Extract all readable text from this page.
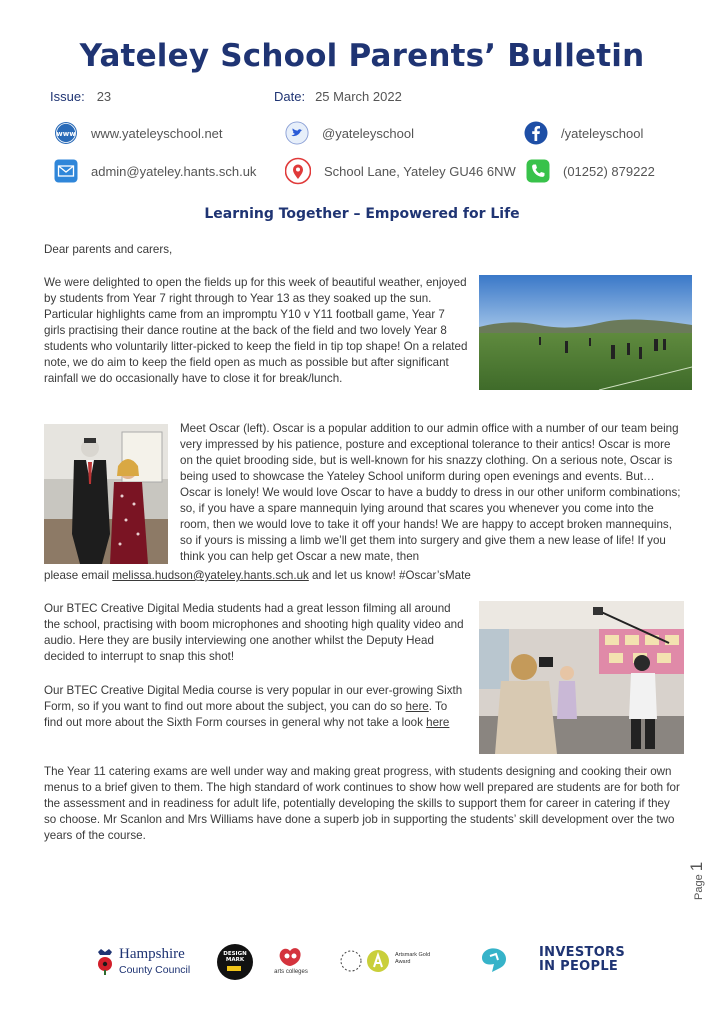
Yateley School Parents’ Bulletin
Issue: 23	Date: 25 March 2022
www www.yateleyschool.net	@yateleyschool	/yateleyschool
admin@yateley.hants.sch.uk	School Lane, Yateley GU46 6NW	(01252) 879222
Learning Together – Empowered for Life
Dear parents and carers,
We were delighted to open the fields up for this week of beautiful weather, enjoyed by students from Year 7 right through to Year 13 as they soaked up the sun. Particular highlights came from an impromptu Y10 v Y11 football game, Year 7 girls practising their dance routine at the back of the field and two lovely Year 8 students who voluntarily litter-picked to keep the field in tip top shape! On a related note, we do aim to keep the field open as much as possible but after significant rainfall we do occasionally have to close it for break/lunch.
Meet Oscar (left). Oscar is a popular addition to our admin office with a number of our team being very impressed by his patience, posture and exceptional tolerance to their antics! Oscar is more on the quiet brooding side, but is well-known for his snazzy clothing. On a serious note, Oscar is being used to showcase the Yateley School uniform during open evenings and events. But… Oscar is lonely! We would love Oscar to have a buddy to dress in our other uniform combinations; so, if you have a spare mannequin lying around that scares you whenever you come into the room, then we would love to take it off your hands! We are happy to accept broken mannequins, so if yours is missing a limb we’ll get them into surgery and give them a new lease of life! If you think you can help get Oscar a new mate, then
please email melissa.hudson@yateley.hants.sch.uk and let us know! #Oscar’sMate
Our BTEC Creative Digital Media students had a great lesson filming all around the school, practising with boom microphones and shooting high quality video and audio. Here they are busily interviewing one another whilst the Deputy Head decided to interrupt to snap this shot!
Our BTEC Creative Digital Media course is very popular in our ever-growing Sixth Form, so if you want to find out more about the subject, you can do so here. To find out more about the Sixth Form courses in general why not take a look here
The Year 11 catering exams are well under way and making great progress, with students designing and cooking their own menus to a brief given to them. The high standard of work continues to show how well prepared are students are for both for the assessment and in readiness for adult life, potentially developing the skills to support them for career in catering if they so choose. Mr Scanlon and Mrs Williams have done a superb job in supporting the students’ skill development over the two years of the course.
Page 1
Hampshire
County Council
DESIGN MARK
arts colleges
Artsmark Gold Award
INVESTORS
IN PEOPLE
